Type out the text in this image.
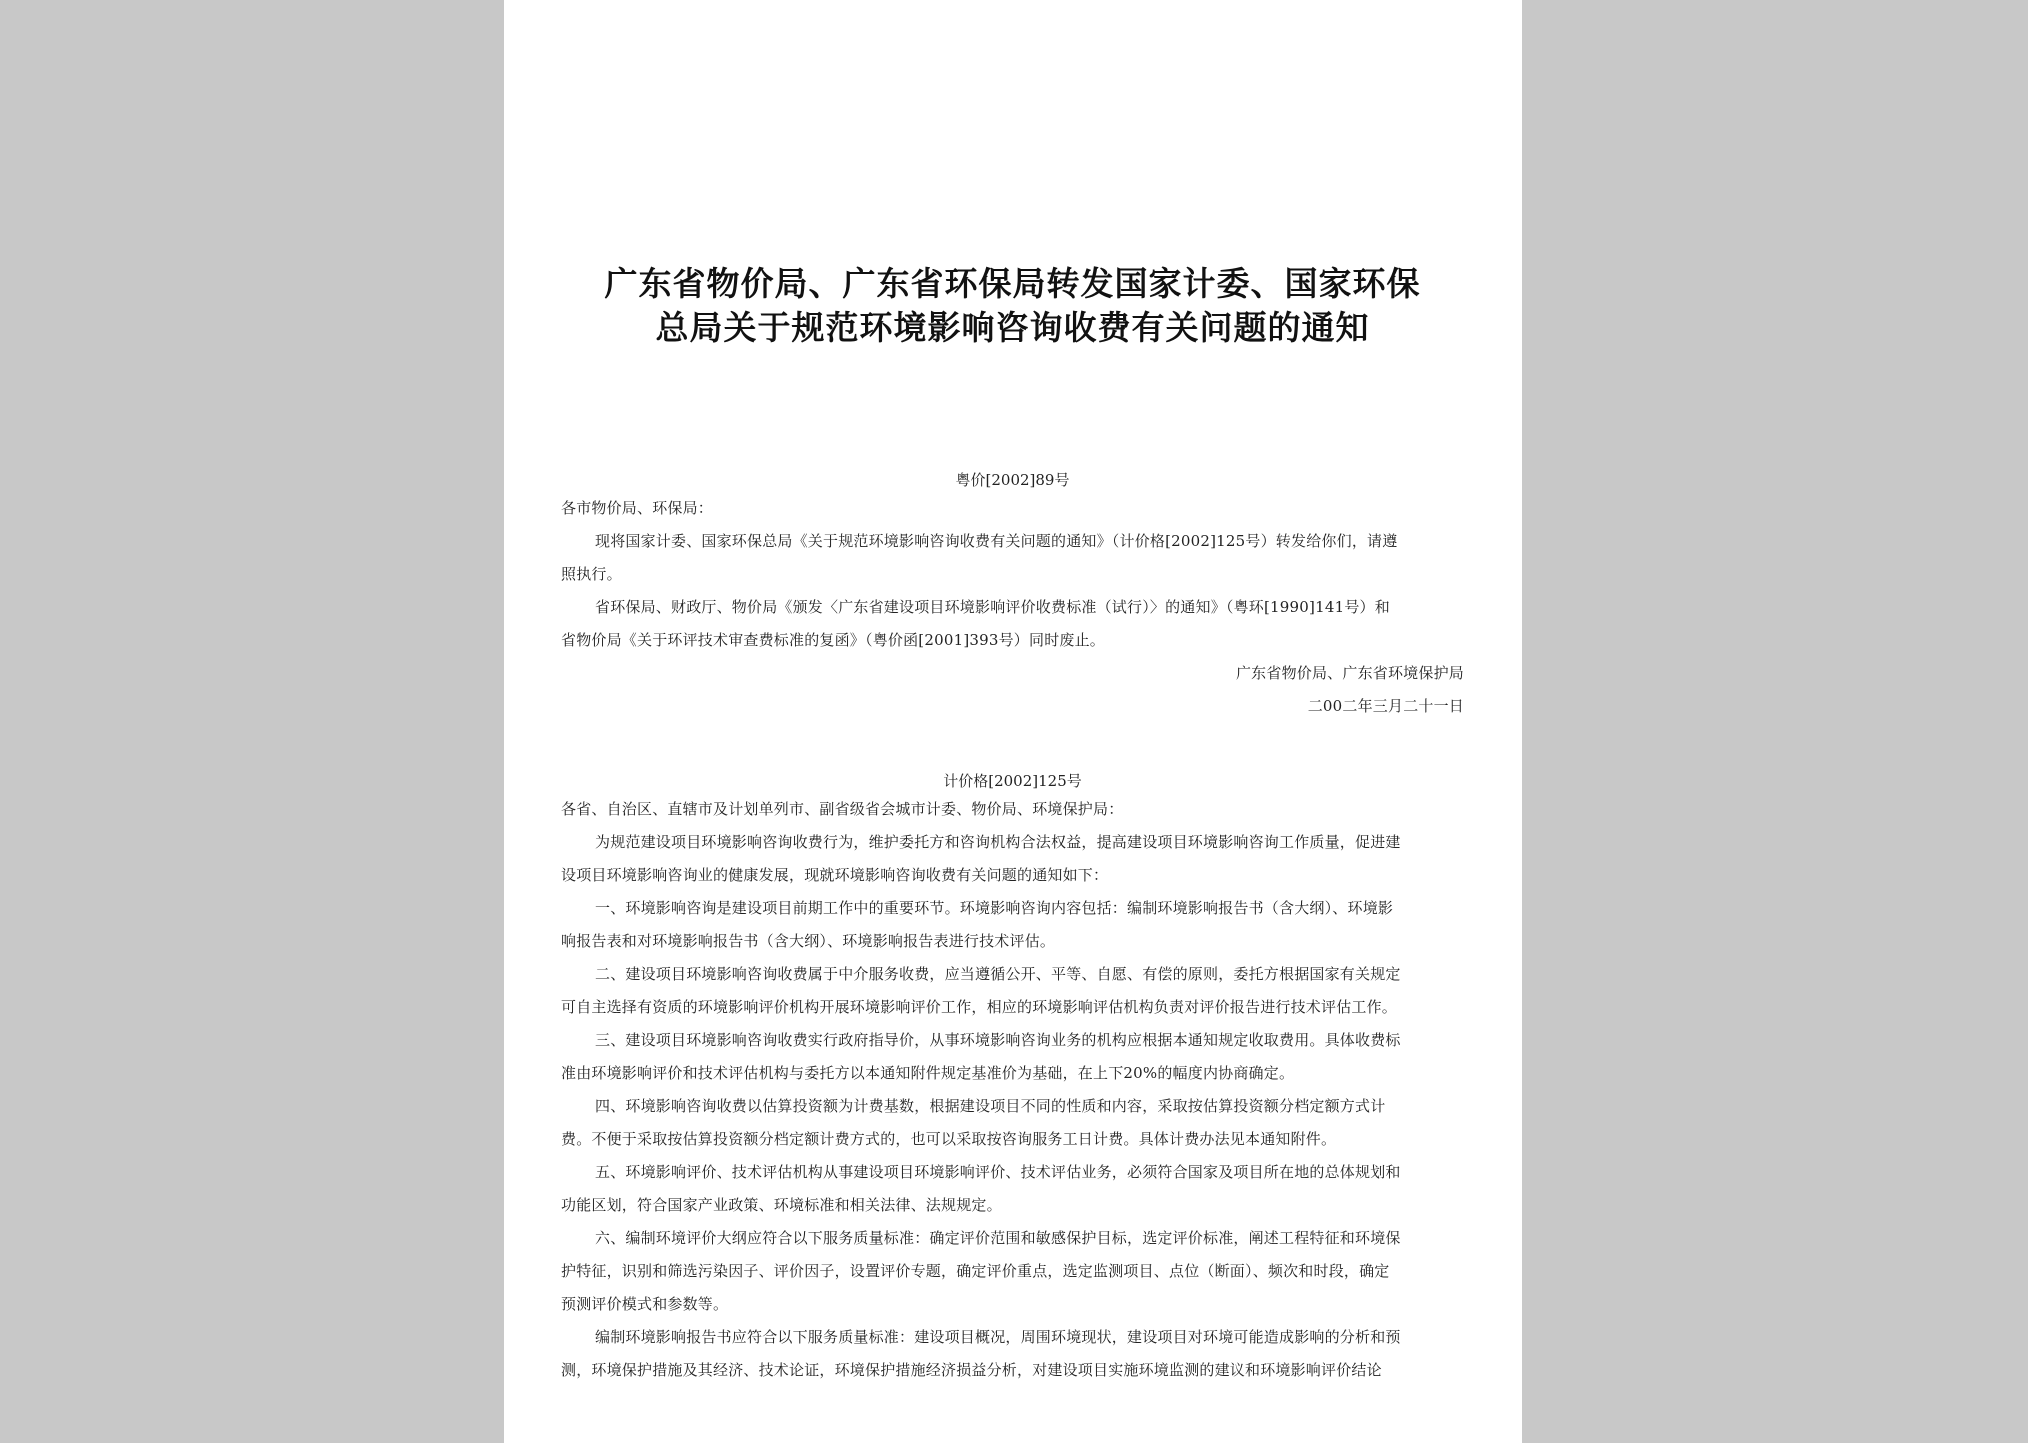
广东省物价局、广东省环保局转发国家计委、国家环保
总局关于规范环境影响咨询收费有关问题的通知
粤价[2002]89号
各市物价局、环保局：
现将国家计委、国家环保总局《关于规范环境影响咨询收费有关问题的通知》（计价格[2002]125号）转发给你们，请遵
照执行。
省环保局、财政厅、物价局《颁发〈广东省建设项目环境影响评价收费标准（试行）〉的通知》（粤环[1990]141号）和
省物价局《关于环评技术审查费标准的复函》（粤价函[2001]393号）同时废止。
广东省物价局、广东省环境保护局
二00二年三月二十一日
计价格[2002]125号
各省、自治区、直辖市及计划单列市、副省级省会城市计委、物价局、环境保护局：
为规范建设项目环境影响咨询收费行为，维护委托方和咨询机构合法权益，提高建设项目环境影响咨询工作质量，促进建
设项目环境影响咨询业的健康发展，现就环境影响咨询收费有关问题的通知如下：
一、环境影响咨询是建设项目前期工作中的重要环节。环境影响咨询内容包括：编制环境影响报告书（含大纲）、环境影
响报告表和对环境影响报告书（含大纲）、环境影响报告表进行技术评估。
二、建设项目环境影响咨询收费属于中介服务收费，应当遵循公开、平等、自愿、有偿的原则，委托方根据国家有关规定
可自主选择有资质的环境影响评价机构开展环境影响评价工作，相应的环境影响评估机构负责对评价报告进行技术评估工作。
三、建设项目环境影响咨询收费实行政府指导价，从事环境影响咨询业务的机构应根据本通知规定收取费用。具体收费标
准由环境影响评价和技术评估机构与委托方以本通知附件规定基准价为基础，在上下20%的幅度内协商确定。
四、环境影响咨询收费以估算投资额为计费基数，根据建设项目不同的性质和内容，采取按估算投资额分档定额方式计
费。不便于采取按估算投资额分档定额计费方式的，也可以采取按咨询服务工日计费。具体计费办法见本通知附件。
五、环境影响评价、技术评估机构从事建设项目环境影响评价、技术评估业务，必须符合国家及项目所在地的总体规划和
功能区划，符合国家产业政策、环境标准和相关法律、法规规定。
六、编制环境评价大纲应符合以下服务质量标准：确定评价范围和敏感保护目标，选定评价标准，阐述工程特征和环境保
护特征，识别和筛选污染因子、评价因子，设置评价专题，确定评价重点，选定监测项目、点位（断面）、频次和时段，确定
预测评价模式和参数等。
编制环境影响报告书应符合以下服务质量标准：建设项目概况，周围环境现状，建设项目对环境可能造成影响的分析和预
测，环境保护措施及其经济、技术论证，环境保护措施经济损益分析，对建设项目实施环境监测的建议和环境影响评价结论
